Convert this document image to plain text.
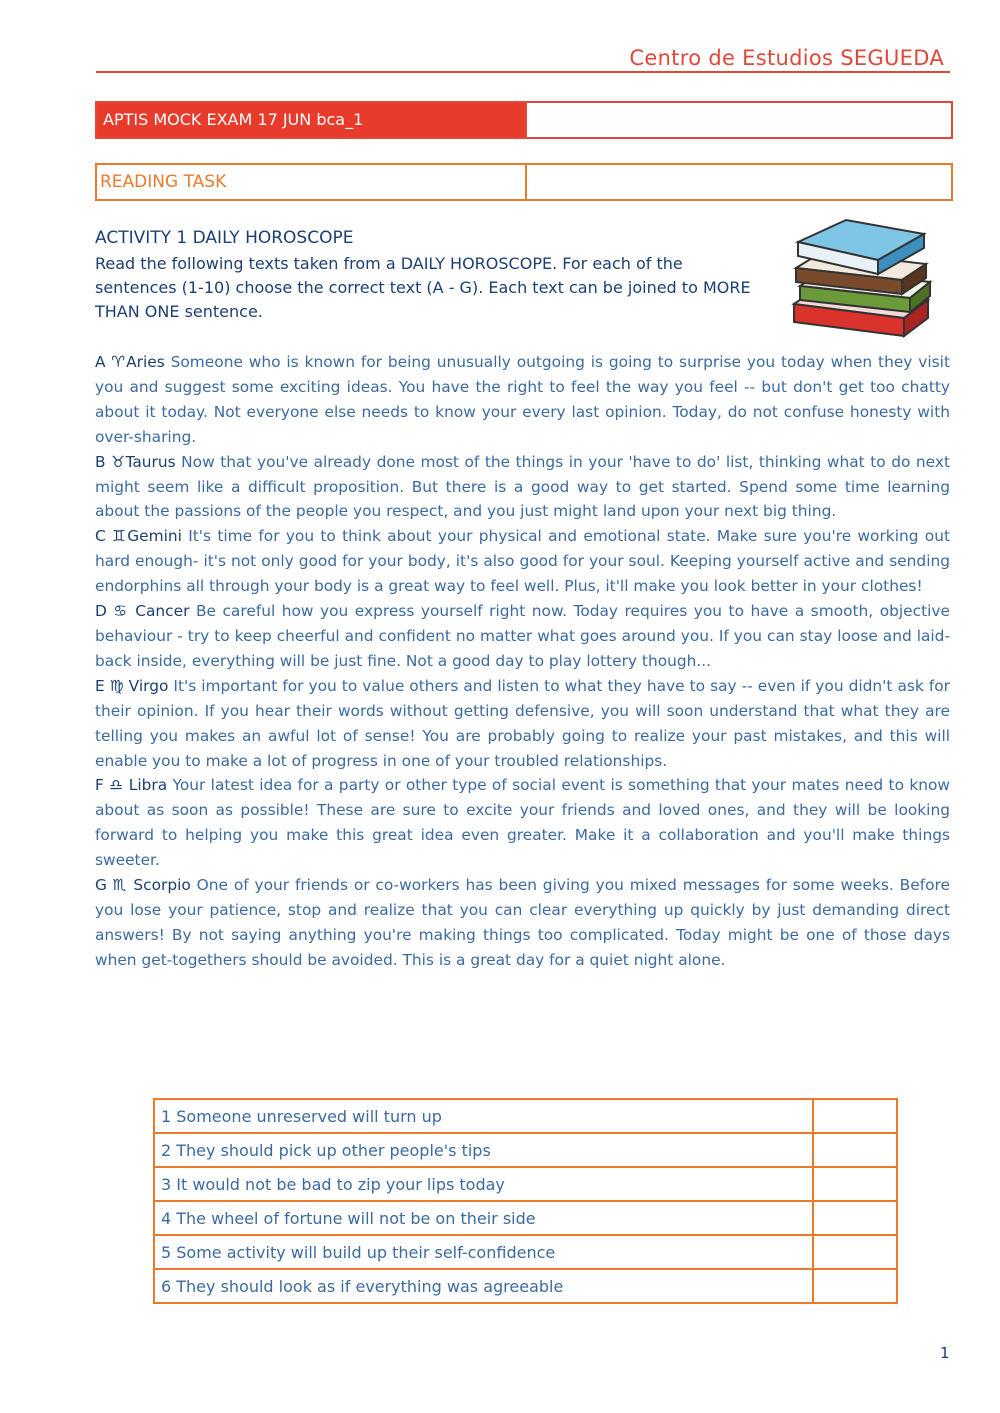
Centro de Estudios SEGUEDA
APTIS MOCK EXAM 17 JUN bca_1
READING TASK
ACTIVITY 1 DAILY HOROSCOPE
Read the following texts taken from a DAILY HOROSCOPE. For each of the sentences (1-10) choose the correct text (A - G). Each text can be joined to MORE THAN ONE sentence.

A ♈Aries Someone who is known for being unusually outgoing is going to surprise you today when they visit you and suggest some exciting ideas. You have the right to feel the way you feel -- but don't get too chatty about it today. Not everyone else needs to know your every last opinion. Today, do not confuse honesty with over-sharing.

B ♉Taurus Now that you've already done most of the things in your 'have to do' list, thinking what to do next might seem like a difficult proposition. But there is a good way to get started. Spend some time learning about the passions of the people you respect, and you just might land upon your next big thing.

C ♊Gemini It's time for you to think about your physical and emotional state. Make sure you're working out hard enough- it's not only good for your body, it's also good for your soul. Keeping yourself active and sending endorphins all through your body is a great way to feel well. Plus, it'll make you look better in your clothes!

D ♋ Cancer Be careful how you express yourself right now. Today requires you to have a smooth, objective behaviour - try to keep cheerful and confident no matter what goes around you. If you can stay loose and laid-back inside, everything will be just fine. Not a good day to play lottery though...

E ♍ Virgo It's important for you to value others and listen to what they have to say -- even if you didn't ask for their opinion. If you hear their words without getting defensive, you will soon understand that what they are telling you makes an awful lot of sense! You are probably going to realize your past mistakes, and this will enable you to make a lot of progress in one of your troubled relationships.

F ♎ Libra Your latest idea for a party or other type of social event is something that your mates need to know about as soon as possible! These are sure to excite your friends and loved ones, and they will be looking forward to helping you make this great idea even greater. Make it a collaboration and you'll make things sweeter.

G ♏ Scorpio One of your friends or co-workers has been giving you mixed messages for some weeks. Before you lose your patience, stop and realize that you can clear everything up quickly by just demanding direct answers! By not saying anything you're making things too complicated. Today might be one of those days when get-togethers should be avoided. This is a great day for a quiet night alone.

1 Someone unreserved will turn up	
2 They should pick up other people's tips	
3 It would not be bad to zip your lips today	
4 The wheel of fortune will not be on their side	
5 Some activity will build up their self-confidence	
6 They should look as if everything was agreeable	
1
